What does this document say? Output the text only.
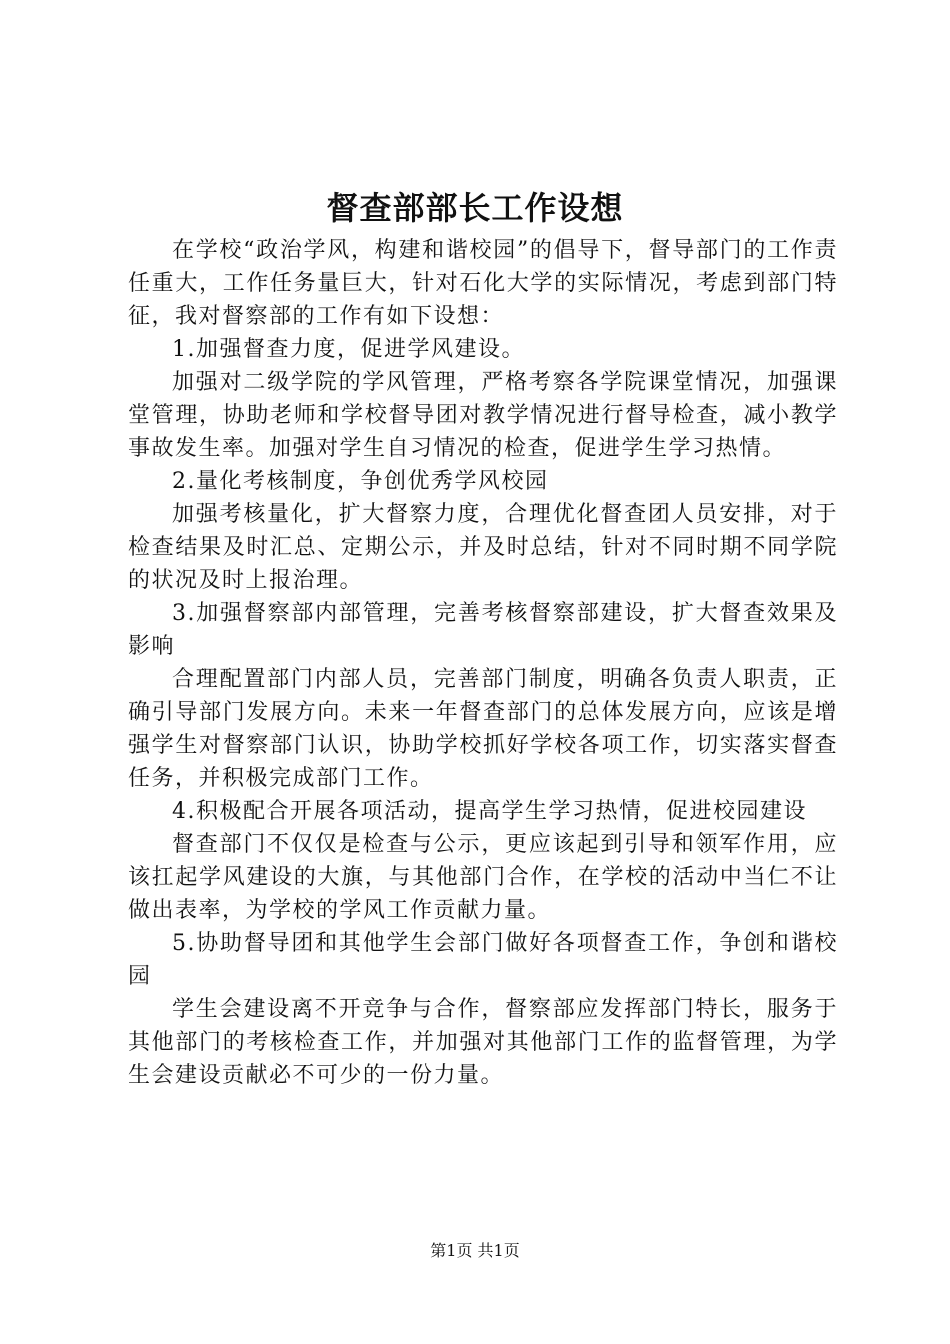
督查部部长工作设想

在学校“政治学风，构建和谐校园”的倡导下，督导部门的工作责任重大，工作任务量巨大，针对石化大学的实际情况，考虑到部门特征，我对督察部的工作有如下设想：

1.加强督查力度，促进学风建设。

加强对二级学院的学风管理，严格考察各学院课堂情况，加强课堂管理，协助老师和学校督导团对教学情况进行督导检查，减小教学事故发生率。加强对学生自习情况的检查，促进学生学习热情。

2.量化考核制度，争创优秀学风校园

加强考核量化，扩大督察力度，合理优化督查团人员安排，对于检查结果及时汇总、定期公示，并及时总结，针对不同时期不同学院的状况及时上报治理。

3.加强督察部内部管理，完善考核督察部建设，扩大督查效果及影响

合理配置部门内部人员，完善部门制度，明确各负责人职责，正确引导部门发展方向。未来一年督查部门的总体发展方向，应该是增强学生对督察部门认识，协助学校抓好学校各项工作，切实落实督查任务，并积极完成部门工作。

4.积极配合开展各项活动，提高学生学习热情，促进校园建设

督查部门不仅仅是检查与公示，更应该起到引导和领军作用，应该扛起学风建设的大旗，与其他部门合作，在学校的活动中当仁不让做出表率，为学校的学风工作贡献力量。

5.协助督导团和其他学生会部门做好各项督查工作，争创和谐校园

学生会建设离不开竞争与合作，督察部应发挥部门特长，服务于其他部门的考核检查工作，并加强对其他部门工作的监督管理，为学生会建设贡献必不可少的一份力量。

第1页 共1页
